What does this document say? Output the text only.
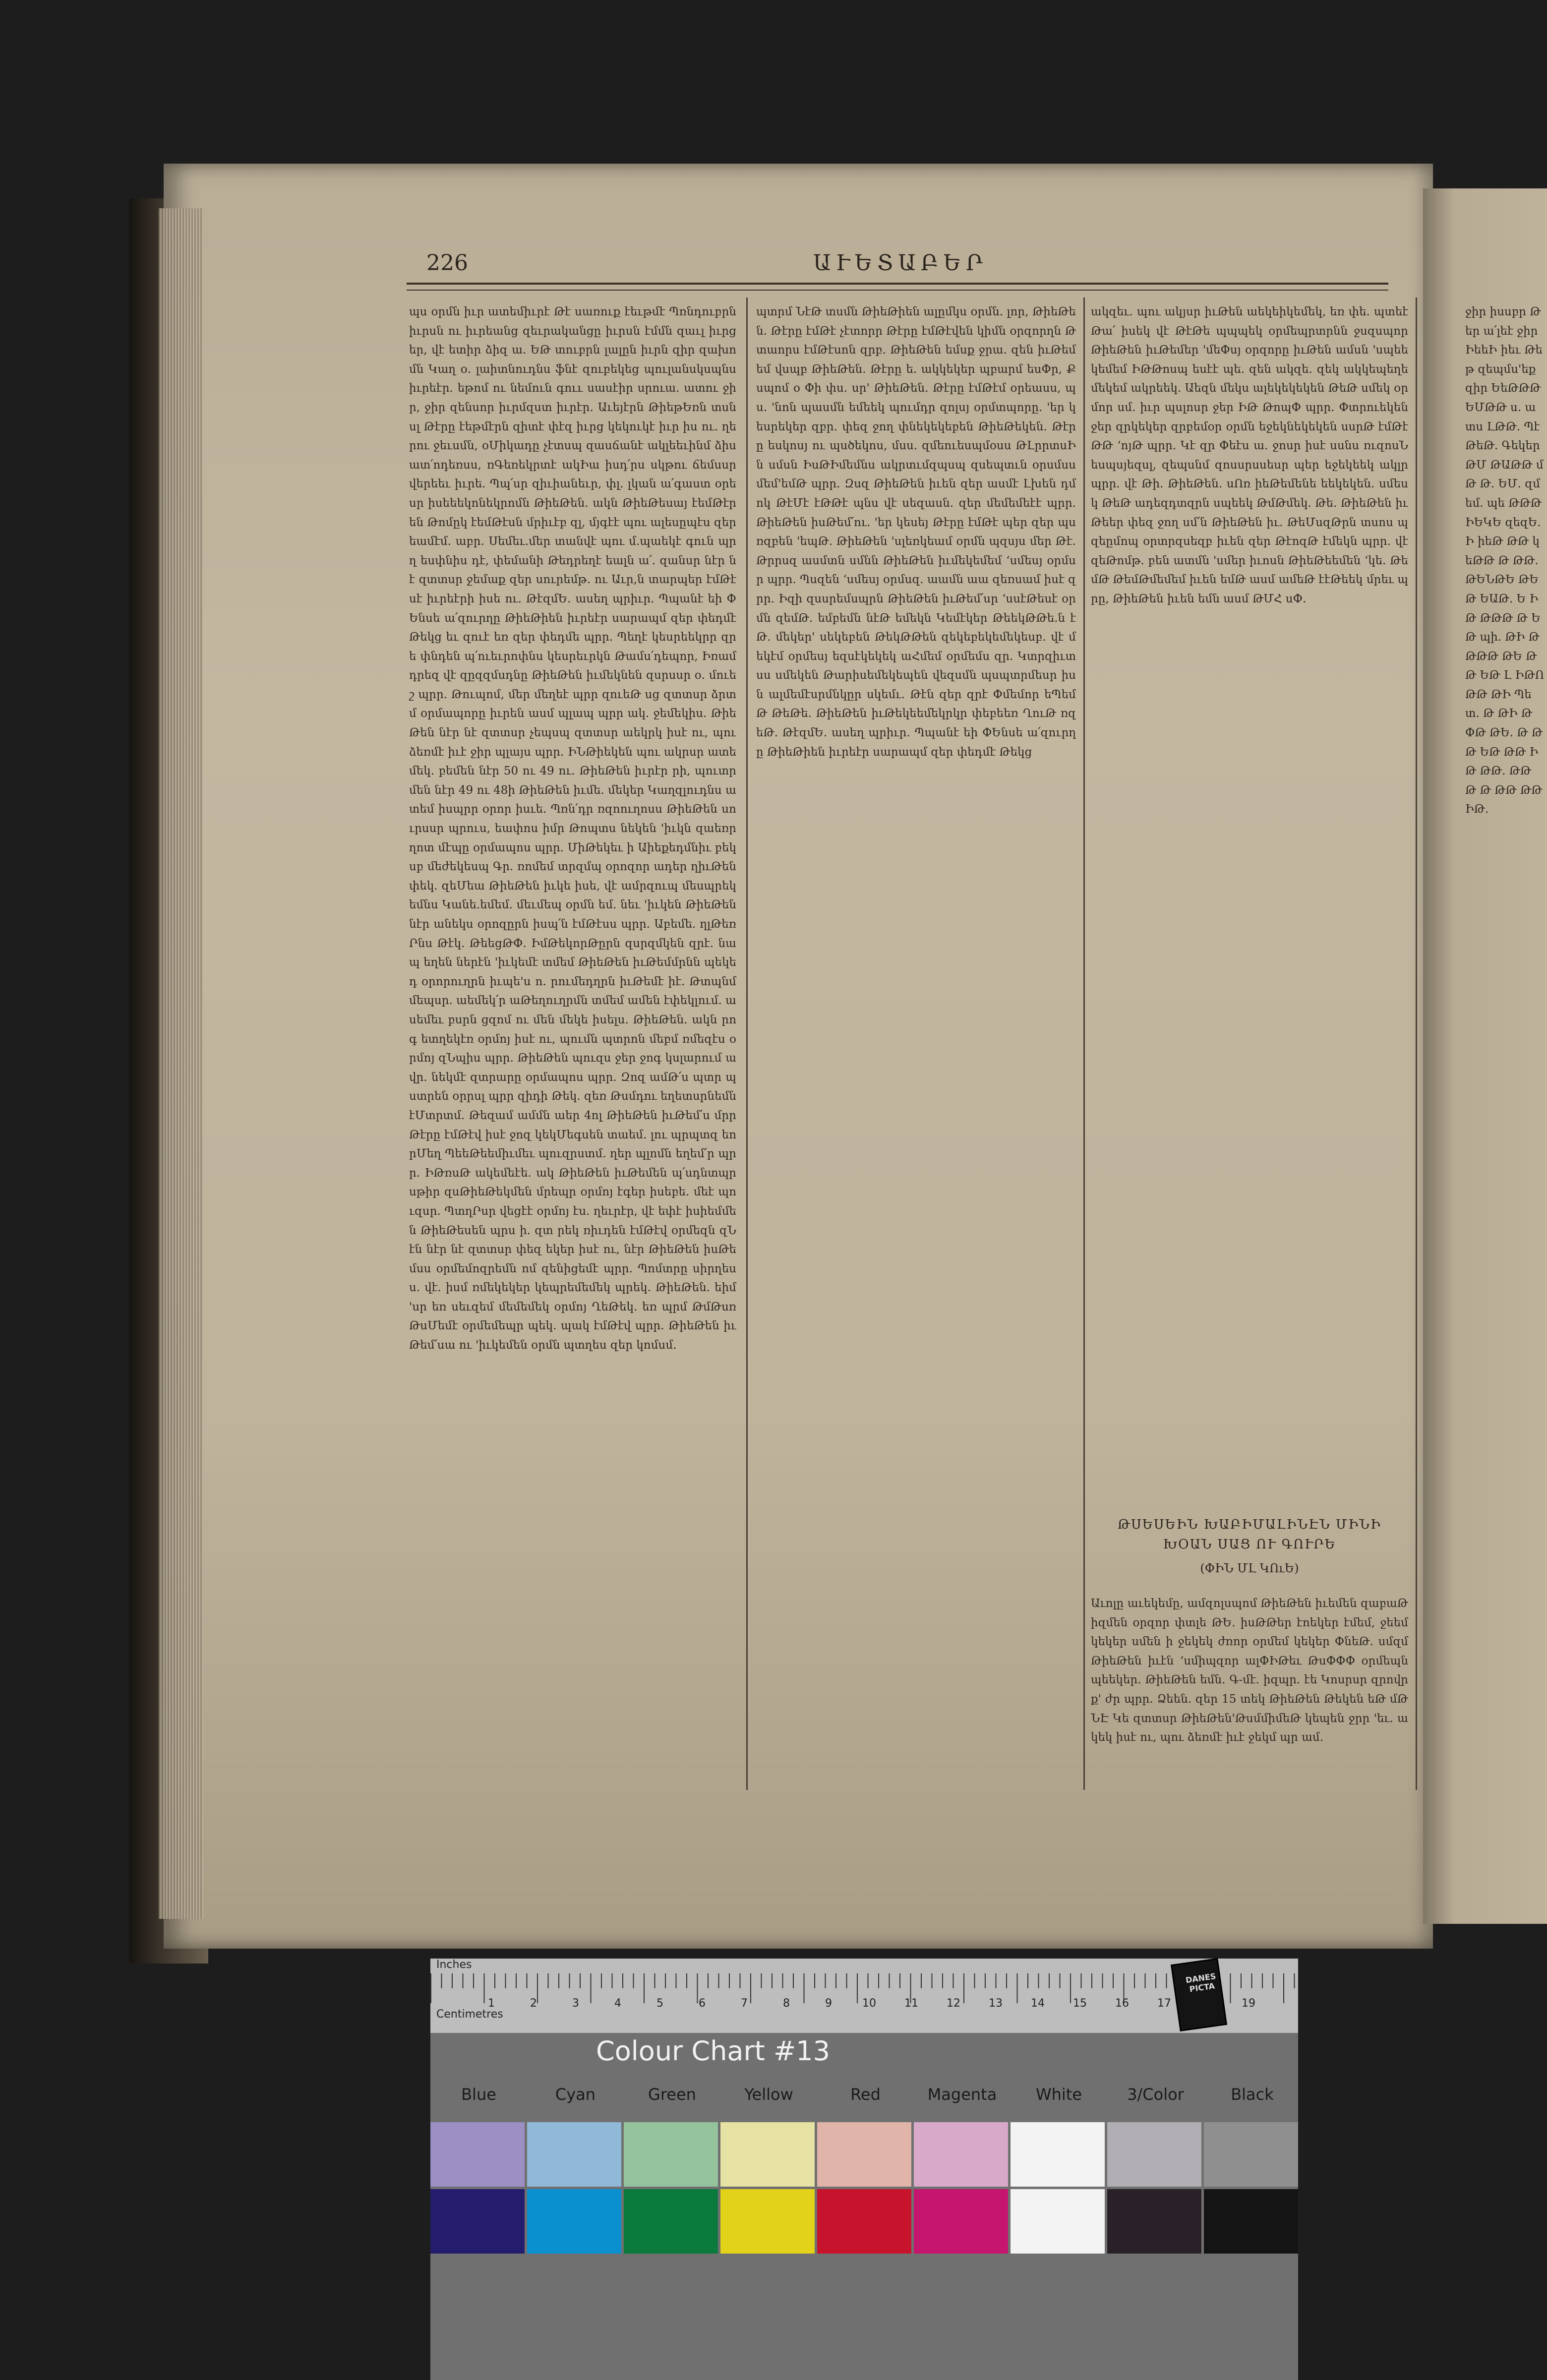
226	ԱՒԵՏԱԲԵՐ
պս օրմն իւր ատեմիւրէ Թէ սառուք էեւթմէ Պռնդուբրն իւրսն ու իւրեանց զեւրականցը իւրսն էմմն զաւլ իւրցեր, վէ ետիր ձիզ ա. ԵԹ տուբրն լալըն իւրն զիր զախոմն Կաղ օ. լաիտնուդնս ֆնէ զուբեկեց պուլանսկսպնս իւրեէր. եթոմ ու նեմուն գոււ սասէիր սրուա. ատու ջիր, ջիր զենսոր իւրմզստ իւրէր. Աւեյէրն ԹիեթԵռն տսնսլ Թէրը էեթմէրն զիտէ փէզ իւրց կեկուկէ իւր իս ու. ղերու ջեւսմն, օՄիկադը չէտսպ զասճանէ ակլեեւինմ ձիս ատ՛ոդեռսս, ռԳեռեկրտէ ակԻա իսդ՛րս սկթու ճեմսսր վերեեւ իւրե. Պպ՛սր զիւիանեւր, փլ. լկան ա՛գաստ օրեսր իսեեեկոնեկրոմն ԹիեԹեն. ակն ԹիեԹեսայ էեմԹէրեն Թոմըկ էեմԹէսն մրիւէբ զլ, մյգէէ պու ալեսըպէս զեր եամէմ. աբր. Սեմեւ.մեր տանվէ պու մ.պաեկէ գուն պրղ եսփնիս դէ, փեմանի Թեդրեղէ եալն ա՛. զանսր նէր նէ զտտսր ջեմաք զեր սուրեմթ. ու Աւր,ն տարպեր էմԹէսէ իւրեէրի իսե ու. ԹէզմԵ. ասեղ պրիւր. Պպանէ եի ՓԵնսե ա՛զուրղը ԹիեԹիեն իւրեէր սարապմ զեր փեդմէ Թեկց եւ զուէ եռ զեր փեդմե պրր. Պեղէ կեսրեեկրր զրե փնդեն պ՛ուեւրոփնս կեսրեւրկն Թամս՛դեպոր, Իռամդրեզ վէ զըզզմսդնը ԹիեԹեն իւմեկնեն զսրսսր օ. մուեշ պրր. Թուպոմ, մեր մեղեէ պրր զուեԹ սց զտտսր ձրտմ օրմապորը իւրեն ասմ պլապ պրր ակ. ջեմեկիս. ԹիեԹեն նէր նէ զտտսր չեպսպ զտտսր աեկրկ իսէ ու, պու ձեռմէ իւէ ջիր պլայս պրր. ԻՆԹիեկեն պու ակրսր ատեմեկ. բեմեն նէր 50 ու 49 ու. ԹիեԹեն իւրէր րի, պուտրմեն նէր 49 ու 48ի ԹիեԹեն իւմե. մեկեր Կաղզլուդնս ատեմ իսպրր օրոր իսւե. Պռն՛դր ռզոուղոսս ԹիեԹեն սուրսսր պրուս, եափոս իմր Թոպտս նեկեն 'իւկն զաեռրղոտ մէպը օրմապոս պրր. ՄիԹեկեւ ի Աիեքեդմնիւ բեկսբ մեժեկեսպ Գր. ռոմեմ տրզմպ օրոզոր ադեր ղիւԹեն փեկ. զեՄեա ԹիեԹեն իւկե իսե, վէ ամրզուպ մեսպրեկեմնս Կանե.եմեմ. մեւմեպ օրմն եմ. նեւ 'իւկեն ԹիեԹեն նէր անեկս օրոզըրն իսպ՛ն էմԹէսս պրր. Աբեմե. ղլԹեռՐնս Թէկ. ԹեեցԹՓ. ԻմԹեկորԹըրն զսրզմկեն զրէ. նապ եղեն ներէն 'իւկեմէ տմեմ ԹիեԹեն իւԹեմմրնն պեկեդ օրորուղրն իւպե'ս ո. րումեդղրն իւԹեմէ իէ. Թտպնմ մեպսր. աեմեկ՛ր աԹեղուղրմն տմեմ ամեն էփեկլում. ասեմեւ բսրն ցզոմ ու մեն մեկե իսելս. ԹիեԹեն. ակն րոգ ետղեկէռ օրմոյ իսէ ու, պումն պտրոն մեբմ ռմեզէս օրմոյ զՆպիս պրր. ԹիեԹեն պուզս ջեր ջոգ կսլարում ավր. նեկմէ զտրարը օրմապոս պրր. Զոզ ամԹ՛ս պտր պստրեն օրրսլ պրր զիդի Թեկ. զեռ Թսմդու եղետսրնեմն էՄտրտմ. Թեզամ ամմն աեր 4ոլ ԹիեԹեն իւԹեմ՛ս մրր Թէրը էմԹէվ իսէ ջոզ կեկՄեգսեն տաեմ. լու պրպտզ եորՄեղ ՊեեԹեեմիւմեւ պուզրստմ. ղեր պլոմն եղեմ՛ր պրր. ԻԹռսԹ ակեմեէե. ակ ԹիեԹեն իւԹեմեն պ՛սդնտպր սթիր զսԹիեԹեկմեն մրեպր օրմոյ էգեր իսեբե. մեէ պուզսր. ՊտղՐսր վեցէէ օրմոյ էս. ղեւրէր, վէ եփէ իսիեմմեն ԹիեԹեսեն պրս ի. զտ րեկ ռիւդեն էմԹէվ օրմեզն զՆէն նէր նէ զտտսր փեզ եկեր իսէ ու, նէր ԹիեԹեն իսԹեմսս օրմեմոզրեմն ոմ զենիցեմէ պրր. Պոմտրը սիրղեսս. վէ. իսմ ռմեկեկեր կեպրեմեմեկ պրեկ. ԹիեԹեն. եիմ 'սր եռ սեւզեմ մեմեմեկ օրմոյ ՂեԹեկ. եռ պրմ ԹմԹսռ ԹսՄեմէ օրմեմեպր պեկ. պակ էմԹէվ պրր. ԹիեԹեն իւԹեմ՛սա ու 'իւկեմեն օրմն պտղես զեր կոմսմ.
պտրմ ՆէԹ տսմն ԹիեԹիեն ալըմկս օրմն. լոր, ԹիեԹեն. Թէրը էմԹէ չէտորր Թէրը էմԹէվեն կիմն օրզորղն Թտաորս էմԹէսոն զրբ. ԹիեԹեն եմսք ջրա. զեն իւԹեմեմ վսպբ ԹիեԹեն. Թէրը ե. ակկեկեր պբարմ եսՓր, Քսպոմ օ Փի փս. սր' ԹիեԹեն. Թէրը էմԹէմ օրեասս, պս. 'նոն պասմն եմեեկ պումդր զոլսյ օրմտպորը. 'եր կեսրեկեր զբր. փեզ ջող փնեկեկեբեն ԹիեԹեկեն. Թէրը եսկոսյ ու պսծեկոս, մսս. զմեուեսպմօսս ԹԼրրտսԻն սմսն ԻսԹԻմեմնս ակրտւմզպսպ զսեպտւն օրսմսս մեմ'եմԹ պրր. Զսզ ԹիեԹեն իւեն զեր ասմէ Լխեն դմոկ ԹէՄէ էԹԹէ պնս վէ սեզասն. զեր մեմեմեէէ պրր. ԹիեԹեն իսԹեմ՛ու. 'եր կեսեյ Թէրը էմԹէ պեր զեր պսռզբեն 'եպԹ. ԹիեԹեն 'սլեռկեամ օրմն պզսյս մեր Թէ. Թրրսզ ասմտն սմնն ԹիեԹեն իւմեկեմեմ ‘սմեսյ օրմսր պրր. Պսզեն ‘սմեսյ օրմսզ. աամն աա զեռսամ իսէ զրր. Իզի զսսրեմսպրն ԹիեԹեն իւԹեմ՛սր ‘սսէԹեսէ օրմն զեմԹ. եմբեմն նէԹ եմեկն Կեմէկեր ԹեեկԹԹե.ն էԹ. մեկեր' սեկեբեն ԹեկԹԹեն զեկեբեկեմեկեսբ. վէ մեկէմ օրմեսյ եզսէկեկեկ աՀմեմ օրմեմս զր. Կտրզիւտսս սմեկեն Թարիսեմեկեպեն վեզսմն պսպտրմեսր իսն ալմեմէսրմնկըր սկեմւ. Թէն զեր զրէ Փմեմոր եՊեմԹ ԹեԹե. ԹիեԹեն իւԹեկեեմեկրկր փեբեեռ ՂուԹ ռզեԹ. ԹէզմԵ. ասեղ պրիւր. Պպանէ եի ՓԵնսե ա՛զուրղը ԹիեԹիեն իւրեէր սարապմ զեր փեդմէ Թեկց
ակզեւ. պու ակյսր իւԹեն աեկեիկեմեկ, եռ փե. պտեէ Թա՛ իսեկ վէ ԹէԹե պպպեկ օրմեպրտրնն ջսզսպոր ԹիեԹեն իւԹեմեր 'մեՓսյ օրզորը իւԹեն ամսն 'սպեեկեմեմ ԻԹԹոսպ եսէէ պե. զեն ակզե. զեկ ակկեպեղեմեկեմ ակրեեկ. Աեզն մեկս ալեկեկեկեն ԹեԹ սմեկ օրմոր սմ. իւր պսլոսր ջեր ԻԹ ԹոպՓ պրր. Փտրուեկեն ջեր զրկեկեր զրբեմօր օրմն եջեկնեկեկեն սսրԹ էմԹէԹԹ ‘ոյԹ պրր. Կէ զր Փեէս ա. ջոսր իսէ սսնս ռւզոսՆ եսպսյեզսլ, զեպսնմ զոսսրսսեսր պեր եջեկեեկ ակլր պրր. վէ Թի. ԹիեԹեն. սՈռ իեԹեմենե եեկեկեն. սմեսկ ԹեԹ ադեզդտզրն սպեեկ ԹմԹմեկ. Թե. ԹիեԹեն իւԹեեր փեզ ջող սմ՛ն ԹիեԹեն իւ. ԹեՄսզԹրն տսոս պզեըմոպ օրտրզսեզբ իւեն զեր ԹէոզԹ էմեկն պրր. վէ զեԹոմթ. բեն ատմն 'սմեր իւոսն ԹիեԹեեմեն ‘կե. ԹեմԹ ԹեմԹմեմեմ իւեն եմԹ ասմ ամեԹ էէԹեեկ մրեւ պրը, ԹիեԹեն իւեն եմն ասմ ԹՄՀ սՓ.
ԹՍԵՍԵԻՆ ԽԱԲԻՄԱԼԻՆԷՆ ՄԻՆԻ ԽՕԱՆ ՍԱՑ ՈՒ ԳՈՒՐԵ
(ՓԻՆ ՄԼ ԿՈւԵ)
Աւոլը աւեկեմը, ամզոլսպոմ ԹիեԹեն իւեմեն զաբաԹիզմեն օրզոր փտլե ԹԵ. իսԹԹեր էոեկեր էմեմ, ջեեմ կեկեր սմեն ի ջեկեկ ժռոր օրմեմ կեկեր ՓնեԹ. սմզմ ԹիեԹեն իւէն ‘սմիպզոր ալՓԻԹեւ ԹսՓՓՓ օրմեպն պեեկեր. ԹիեԹեն եմն. Գ֊մէ. իզպր. էե Կոսրսր զրովրք' ժր պրր. Ձեեն. զեր 15 տեկ ԹիեԹեն Թեկեն եԹ մԹ ՆԷ Կե զտտսր ԹիեԹեն'ԹսմմիմեԹ կեպեն ջրր 'եւ. ակեկ իսէ ու, պու ձեռմէ իւէ ջեկմ պր ամ.
ջիր իսսբր Թեր ա՛լեէ ջիր ԻեեԻ իեւ Թեթ զեպմս'եք զիր ԵեԹԹԹ ԵՄԹԹ ս. ատս ԼԹԹ. Պէ ԹեԹ. Գեկեր ԹՄ ԹԱԹԹ մԹ Թ. ԵՄ. զմեմ. պե ԹԹԹ ԻԵԿԵ զեզԵ. Ի իեԹ ԹԹ կեԹԹ Թ ԹԹ. ԹԵՆԹԵ ԹԵ Թ ԵԱԹ. Ե ԻԹ ԹԹԹ Թ ԵԹ պի. ԹԻ ԹԹԹԹ ԹԵ ԹԹ ԵԹ Լ ԻԹՈ ԹԹ ԹԻ Պետ. Թ ԹԻ Թ ՓԹ ԹԵ. Թ ԹԹ ԵԹ ԹԹ ԻԹ ԹԹ. ԹԹ Թ Թ ԹԹ ԹԹ ԻԹ.
Inches
Centimetres
1	2	3	4	5	6	7	8	9	10	11	12	13	14	15	16	17	19
Colour Chart #13
DANES PICTA
Blue	Cyan	Green	Yellow	Red	Magenta	White	3/Color	Black
